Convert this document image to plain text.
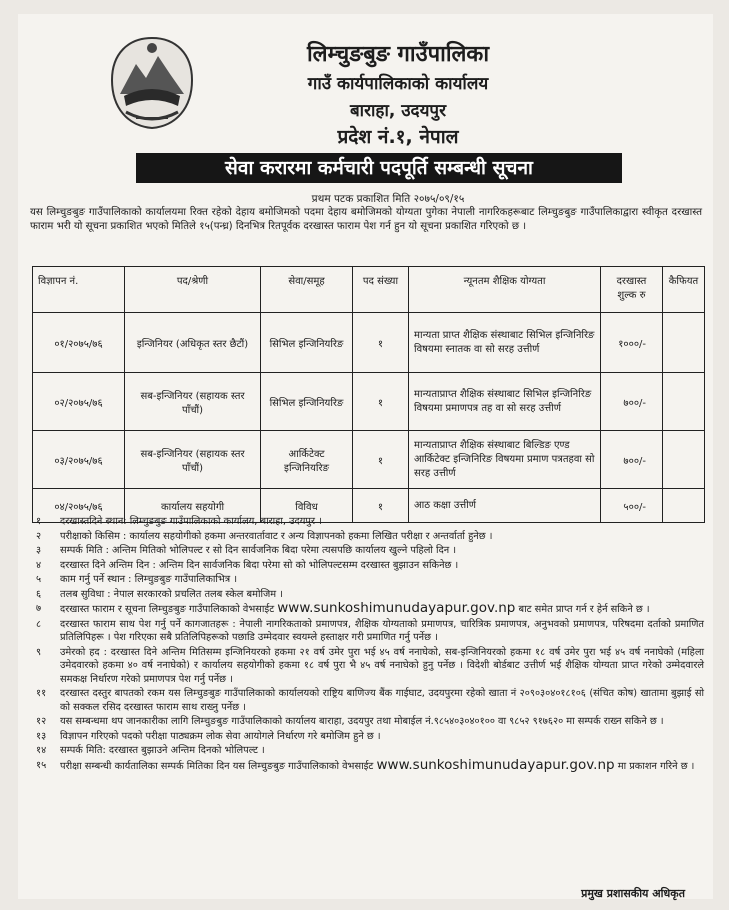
लिम्चुङबुङ गाउँपालिका
गाउँ कार्यपालिकाको कार्यालय
बाराहा, उदयपुर
प्रदेश नं.१, नेपाल
सेवा करारमा कर्मचारी पदपूर्ति सम्बन्धी सूचना
प्रथम पटक प्रकाशित मिति २०७५/०९/१५
यस लिम्चुङबुङ गाउँपालिकाको कार्यालयमा रिक्त रहेको देहाय बमोजिमको पदमा देहाय बमोजिमको योग्यता पुगेका नेपाली नागरिकहरूबाट लिम्चुङबुङ गाउँपालिकाद्वारा स्वीकृत दरखास्त फाराम भरी यो सूचना प्रकाशित भएको मितिले १५(पन्ध्र) दिनभित्र रितपूर्वक दरखास्त फाराम पेश गर्न हुन यो सूचना प्रकाशित गरिएको छ ।
विज्ञापन नं.	पद/श्रेणी	सेवा/समूह	पद संख्या	न्यूनतम शैक्षिक योग्यता	दरखास्त शुल्क रु	कैफियत
०१/२०७५/७६	इन्जिनियर (अधिकृत स्तर छैटौं)	सिभिल इन्जिनियरिङ	१	मान्यता प्राप्त शैक्षिक संस्थाबाट सिभिल इन्जिनिरिङ विषयमा स्नातक वा सो सरह उत्तीर्ण	१०००/-	
०२/२०७५/७६	सब-इन्जिनियर (सहायक स्तर पाँचौं)	सिभिल इन्जिनियरिङ	१	मान्यताप्राप्त शैक्षिक संस्थाबाट सिभिल इन्जिनिरिङ विषयमा प्रमाणपत्र तह वा सो सरह उत्तीर्ण	७००/-	
०३/२०७५/७६	सब-इन्जिनियर (सहायक स्तर पाँचौं)	आर्किटेक्ट इन्जिनियरिङ	१	मान्यताप्राप्त शैक्षिक संस्थाबाट बिल्डिङ एण्ड आर्किटेक्ट इन्जिनिरिङ विषयमा प्रमाण पत्रतहवा सो सरह उत्तीर्ण	७००/-	
०४/२०७५/७६	कार्यालय सहयोगी	विविध	१	आठ कक्षा उत्तीर्ण	५००/-	
१	दरखास्तदिने स्थान: लिम्चुङबुङ गाउँपालिकाको कार्यालय, बाराहा, उदयपुर ।
२	परीक्षाको किसिम : कार्यालय सहयोगीको हकमा अन्तरवार्तावाट र अन्य विज्ञापनको हकमा लिखित परीक्षा र अन्तर्वार्ता हुनेछ ।
३	सम्पर्क मिति : अन्तिम मितिको भोलिपल्ट र सो दिन सार्वजनिक बिदा परेमा त्यसपछि कार्यालय खुल्ने पहिलो दिन ।
४	दरखास्त दिने अन्तिम दिन : अन्तिम दिन सार्वजनिक बिदा परेमा सो को भोलिपल्टसम्म दरखास्त बुझाउन सकिनेछ ।
५	काम गर्नु पर्ने स्थान : लिम्चुङबुङ गाउँपालिकाभित्र ।
६	तलब सुविधा : नेपाल सरकारको प्रचलित तलब स्केल बमोजिम ।
७	दरखास्त फाराम र सूचना लिम्चुङबुङ गाउँपालिकाको वेभसाईट www.sunkoshimunudayapur.gov.np बाट समेत प्राप्त गर्न र हेर्न सकिने छ ।
८	दरखास्त फाराम साथ पेश गर्नु पर्ने कागजातहरू : नेपाली नागरिकताको प्रमाणपत्र, शैक्षिक योग्यताको प्रमाणपत्र, चारित्रिक प्रमाणपत्र, अनुभवको प्रमाणपत्र, परिषदमा दर्ताको प्रमाणित प्रतिलिपिहरू । पेश गरिएका सबै प्रतिलिपिहरूको पछाडि उम्मेदवार स्वयम्ले हस्ताक्षर गरी प्रमाणित गर्नु पर्नेछ ।
९	उमेरको हद : दरखास्त दिने अन्तिम मितिसम्म इन्जिनियरको हकमा २१ वर्ष उमेर पुरा भई ४५ वर्ष ननाघेको, सब-इन्जिनियरको हकमा १८ वर्ष उमेर पुरा भई ४५ वर्ष ननाघेको (महिला उमेदवारको हकमा ४० वर्ष ननाघेको) र कार्यालय सहयोगीको हकमा १८ वर्ष पुरा भै ४५ वर्ष ननाघेको हुनु पर्नेछ । विदेशी बोर्डबाट उत्तीर्ण भई शैक्षिक योग्यता प्राप्त गरेको उम्मेदवारले समकक्ष निर्धारण गरेको प्रमाणपत्र पेश गर्नु पर्नेछ ।
११	दरखास्त दस्तुर बापतको रकम यस लिम्चुङबुङ गाउँपालिकाको कार्यालयको राष्ट्रिय बाणिज्य बैंक गाईघाट, उदयपुरमा रहेको खाता नं २०९०३०४०१८१०६ (संचित कोष) खातामा बुझाई सो को सक्कल रसिद दरखास्त फाराम साथ राख्नु पर्नेछ ।
१२	यस सम्बन्धमा थप जानकारीका लागि लिम्चुङबुङ गाउँपालिकाको कार्यालय बाराहा, उदयपुर तथा मोबाईल नं.९८५४०३०४०१०० वा ९८५२ ९१७६२० मा सम्पर्क राख्न सकिने छ ।
१३	विज्ञापन गरिएको पदको परीक्षा पाठ्यक्रम लोक सेवा आयोगले निर्धारण गरे बमोजिम हुने छ ।
१४	सम्पर्क मिति: दरखास्त बुझाउने अन्तिम दिनको भोलिपल्ट ।
१५	परीक्षा सम्बन्धी कार्यतालिका सम्पर्क मितिका दिन यस लिम्चुङबुङ गाउँपालिकाको वेभसाईट www.sunkoshimunudayapur.gov.np मा प्रकाशन गरिने छ ।
प्रमुख प्रशासकीय अधिकृत
